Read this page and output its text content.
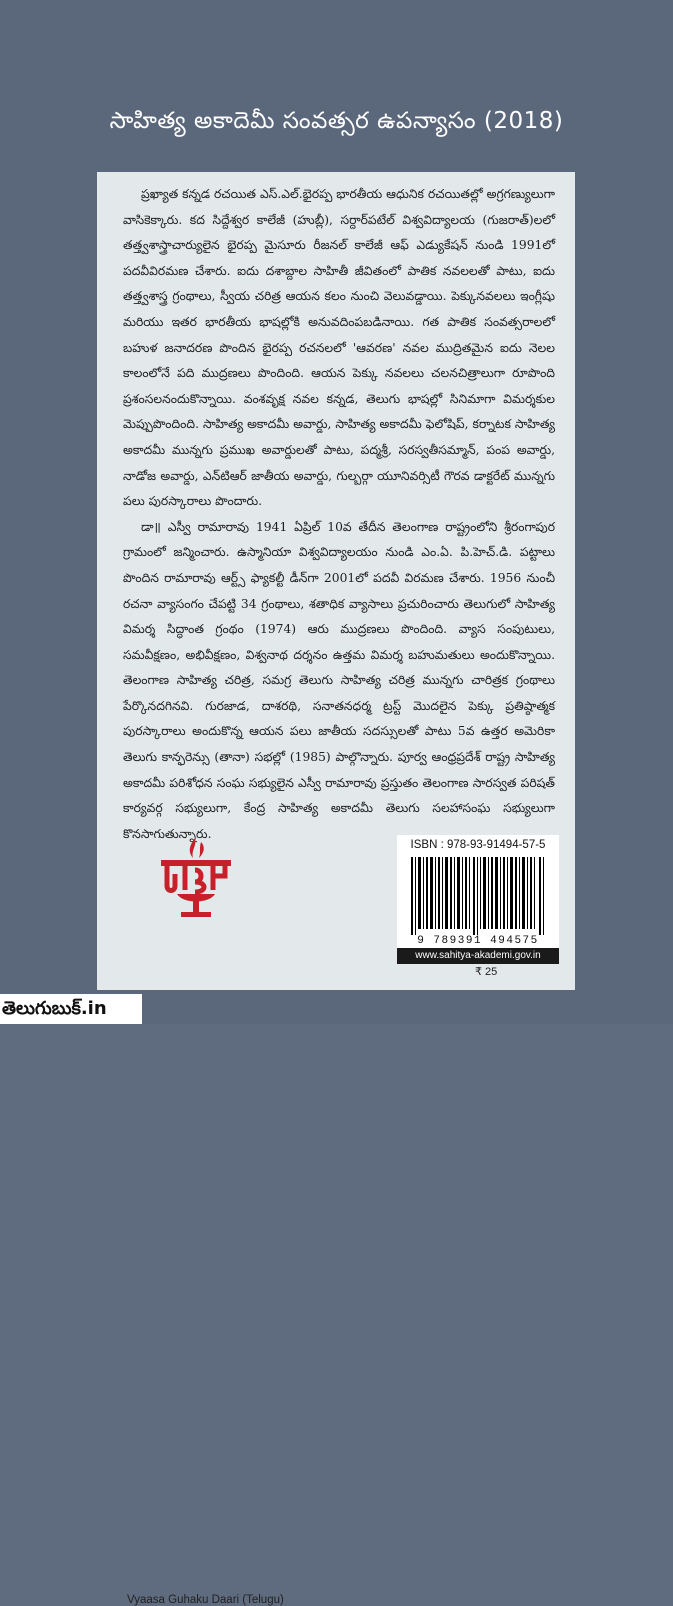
సాహిత్య అకాదెమీ సంవత్సర ఉపన్యాసం (2018)

ప్రఖ్యాత కన్నడ రచయిత ఎస్.ఎల్.భైరప్ప భారతీయ ఆధునిక రచయితల్లో అగ్రగణ్యులుగా వాసికెక్కారు. కద సిద్దేశ్వర కాలేజీ (హుబ్లీ), సర్దార్‌పటేల్ విశ్వవిద్యాలయ (గుజరాత్)లలో తత్త్వశాస్త్రాచార్యులైన భైరప్ప మైసూరు రీజనల్ కాలేజీ ఆఫ్ ఎడ్యుకేషన్ నుండి 1991లో పదవీవిరమణ చేశారు. ఐదు దశాబ్దాల సాహితీ జీవితంలో పాతిక నవలలతో పాటు, ఐదు తత్త్వశాస్త్ర గ్రంథాలు, స్వీయ చరిత్ర ఆయన కలం నుంచి వెలువడ్డాయి. పెక్కునవలలు ఇంగ్లీషు మరియు ఇతర భారతీయ భాషల్లోకి అనువదింపబడినాయి. గత పాతిక సంవత్సరాలలో బహుళ జనాదరణ పొందిన భైరప్ప రచనలలో 'ఆవరణ' నవల ముద్రితమైన ఐదు నెలల కాలంలోనే పది ముద్రణలు పొందింది. ఆయన పెక్కు నవలలు చలనచిత్రాలుగా రూపొంది ప్రశంసలనందుకొన్నాయి. వంశవృక్ష నవల కన్నడ, తెలుగు భాషల్లో సినిమాగా విమర్శకుల మెప్పుపొందింది. సాహిత్య అకాదమీ అవార్డు, సాహిత్య అకాదమీ ఫెలోషిప్, కర్నాటక సాహిత్య అకాదమీ మున్నగు ప్రముఖ అవార్డులతో పాటు, పద్మశ్రీ, సరస్వతీసమ్మాన్, పంప అవార్డు, నాడోజ అవార్డు, ఎన్‌టిఆర్ జాతీయ అవార్డు, గుల్బర్గా యూనివర్సిటీ గౌరవ డాక్టరేట్ మున్నగు పలు పురస్కారాలు పొందారు.

డా॥ ఎస్వీ రామారావు 1941 ఏప్రిల్ 10వ తేదీన తెలంగాణ రాష్ట్రంలోని శ్రీరంగాపుర గ్రామంలో జన్మించారు. ఉస్మానియా విశ్వవిద్యాలయం నుండి ఎం.ఏ. పి.హెచ్.డి. పట్టాలు పొందిన రామారావు ఆర్ట్స్ ఫ్యాకల్టీ డీన్‌గా 2001లో పదవీ విరమణ చేశారు. 1956 నుంచీ రచనా వ్యాసంగం చేపట్టి 34 గ్రంథాలు, శతాధిక వ్యాసాలు ప్రచురించారు తెలుగులో సాహిత్య విమర్శ సిద్ధాంత గ్రంథం (1974) ఆరు ముద్రణలు పొందింది. వ్యాస సంపుటులు, సమవీక్షణం, అభివీక్షణం, విశ్వనాథ దర్శనం ఉత్తమ విమర్శ బహుమతులు అందుకొన్నాయి. తెలంగాణ సాహిత్య చరిత్ర, సమగ్ర తెలుగు సాహిత్య చరిత్ర మున్నగు చారిత్రక గ్రంథాలు పేర్కొనదగినవి. గురజాడ, దాశరథి, సనాతనధర్మ ట్రస్ట్ మొదలైన పెక్కు ప్రతిష్ఠాత్మక పురస్కారాలు అందుకొన్న ఆయన పలు జాతీయ సదస్సులతో పాటు 5వ ఉత్తర అమెరికా తెలుగు కాన్ఫరెన్సు (తానా) సభల్లో (1985) పాల్గొన్నారు. పూర్వ ఆంధ్రప్రదేశ్ రాష్ట్ర సాహిత్య అకాదమీ పరిశోధన సంఘ సభ్యులైన ఎస్వీ రామారావు ప్రస్తుతం తెలంగాణ సారస్వత పరిషత్ కార్యవర్గ సభ్యులుగా, కేంద్ర సాహిత్య అకాదమీ తెలుగు సలహాసంఘ సభ్యులుగా కొనసాగుతున్నారు.

Vyaasa Guhaku Daari (Telugu)
ISBN : 978-93-91494-57-5
9 789391 494575
www.sahitya-akademi.gov.in
₹ 25
తెలుగుబుక్.in
